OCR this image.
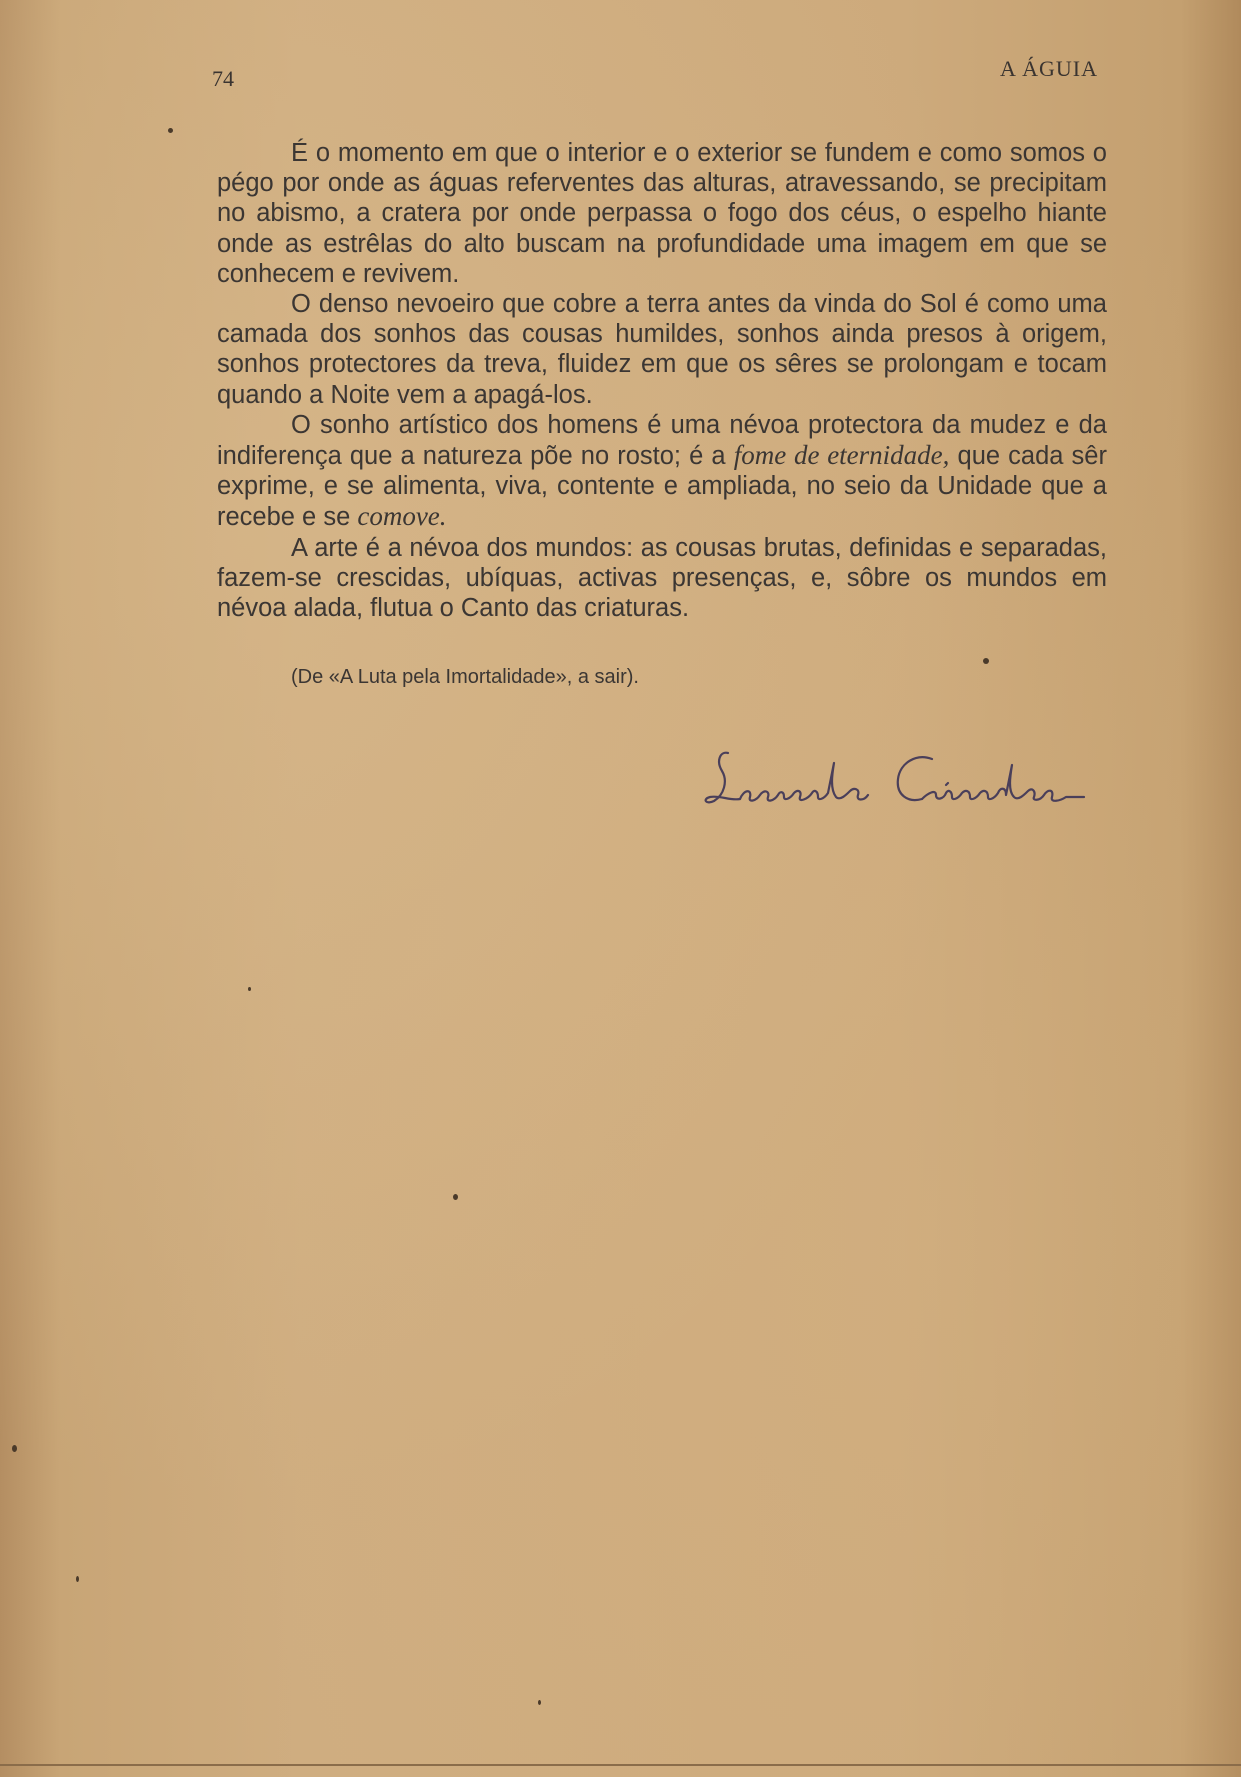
74	A ÁGUIA

É o momento em que o interior e o exterior se fundem e como somos o pégo por onde as águas referventes das alturas, atravessando, se precipitam no abismo, a cratera por onde perpassa o fogo dos céus, o espelho hiante onde as estrêlas do alto buscam na profundidade uma imagem em que se conhecem e revivem.

O denso nevoeiro que cobre a terra antes da vinda do Sol é como uma camada dos sonhos das cousas humildes, sonhos ainda presos à origem, sonhos protectores da treva, fluidez em que os sêres se prolongam e tocam quando a Noite vem a apagá-los.

O sonho artístico dos homens é uma névoa protectora da mudez e da indiferença que a natureza põe no rosto; é a fome de eternidade, que cada sêr exprime, e se alimenta, viva, contente e ampliada, no seio da Unidade que a recebe e se comove.

A arte é a névoa dos mundos: as cousas brutas, definidas e separadas, fazem-se crescidas, ubíquas, activas presenças, e, sôbre os mundos em névoa alada, flutua o Canto das criaturas.

(De «A Luta pela Imortalidade», a sair).
